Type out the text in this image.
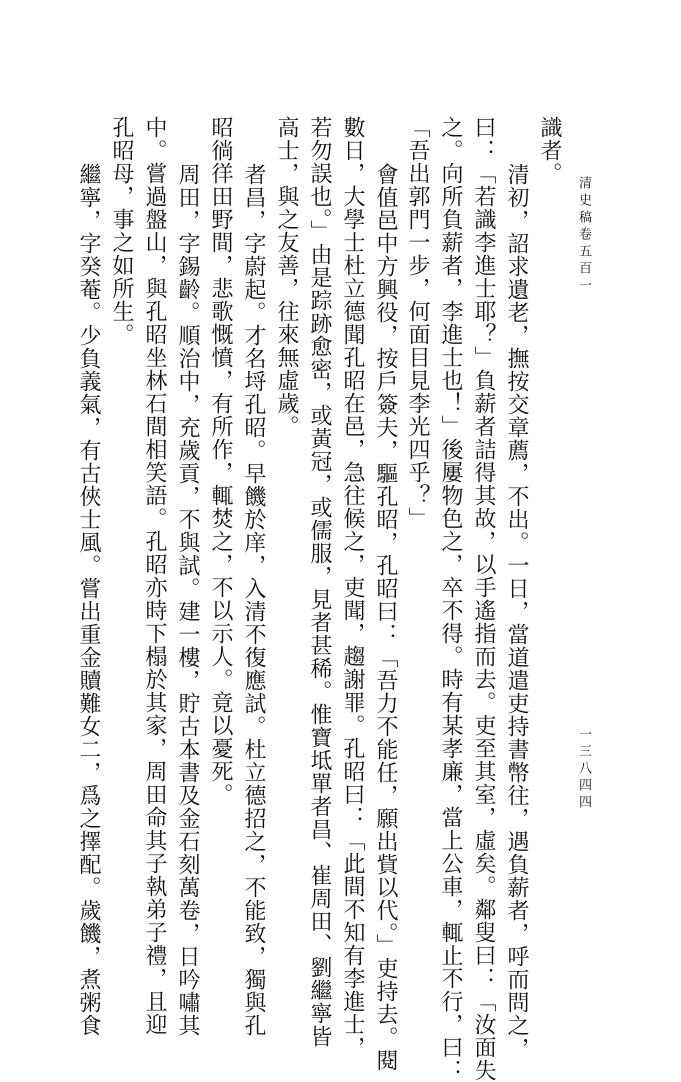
清史稿卷五百一
一三八四四
識者。
清初，詔求遺老，撫按交章薦，不出。一日，當道遣吏持書幣往，遇負薪者，呼而問之，
曰：「若識李進士耶？」負薪者詰得其故，以手遙指而去。吏至其室，虛矣。鄰叟曰：「汝面失
之。向所負薪者，李進士也！」後屢物色之，卒不得。時有某孝廉，當上公車，輒止不行，曰：
「吾出郭門一步，何面目見李光四乎？」
會值邑中方興役，按戶簽夫，驅孔昭，孔昭曰：「吾力不能任，願出貲以代。」吏持去。閱
數日，大學士杜立德聞孔昭在邑，急往候之，吏聞，趨謝罪。孔昭曰：「此間不知有李進士，
若勿誤也。」由是踪跡愈密，或黃冠，或儒服，見者甚稀。惟寶坻單者昌、崔周田、劉繼寧皆
高士，與之友善，往來無虛歲。
者昌，字蔚起。才名埒孔昭。早饑於庠，入清不復應試。杜立德招之，不能致，獨與孔
昭徜徉田野間，悲歌慨憤，有所作，輒焚之，不以示人。竟以憂死。
周田，字錫齡。順治中，充歲貢，不與試。建一樓，貯古本書及金石刻萬卷，日吟嘯其
中。嘗過盤山，與孔昭坐林石間相笑語。孔昭亦時下榻於其家，周田命其子執弟子禮，且迎
孔昭母，事之如所生。
繼寧，字癸菴。少負義氣，有古俠士風。嘗出重金贖難女二，爲之擇配。歲饑，煮粥食
